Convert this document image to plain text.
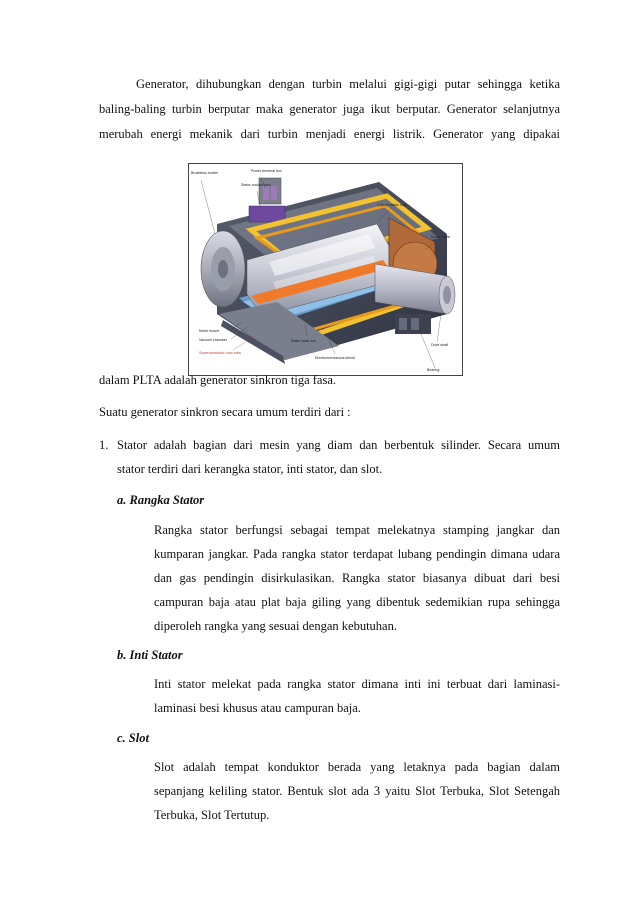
Generator, dihubungkan dengan turbin melalui gigi-gigi putar sehingga ketika
baling-baling turbin berputar maka generator juga ikut berputar. Generator selanjutnya
merubah energi mekanik dari turbin menjadi energi listrik. Generator yang dipakai
Brushless exciter	Power terminal box
Stator coolant tank
Copper stator coils
Motor frame
Motor mount
Vacuum chamber
Superconductor rotor coils
Stator back iron
Electromechanical shield
Drive shaft
Bearing
dalam PLTA adalah generator sinkron tiga fasa.
Suatu generator sinkron secara umum terdiri dari :
1. Stator adalah bagian dari mesin yang diam dan berbentuk silinder. Secara umum
stator terdiri dari kerangka stator, inti stator, dan slot.
a. Rangka Stator
Rangka stator berfungsi sebagai tempat melekatnya stamping jangkar dan
kumparan jangkar. Pada rangka stator terdapat lubang pendingin dimana udara
dan gas pendingin disirkulasikan. Rangka stator biasanya dibuat dari besi
campuran baja atau plat baja giling yang dibentuk sedemikian rupa sehingga
diperoleh rangka yang sesuai dengan kebutuhan.
b. Inti Stator
Inti stator melekat pada rangka stator dimana inti ini terbuat dari laminasi-
laminasi besi khusus atau campuran baja.
c. Slot
Slot adalah tempat konduktor berada yang letaknya pada bagian dalam
sepanjang keliling stator. Bentuk slot ada 3 yaitu Slot Terbuka, Slot Setengah
Terbuka, Slot Tertutup.
